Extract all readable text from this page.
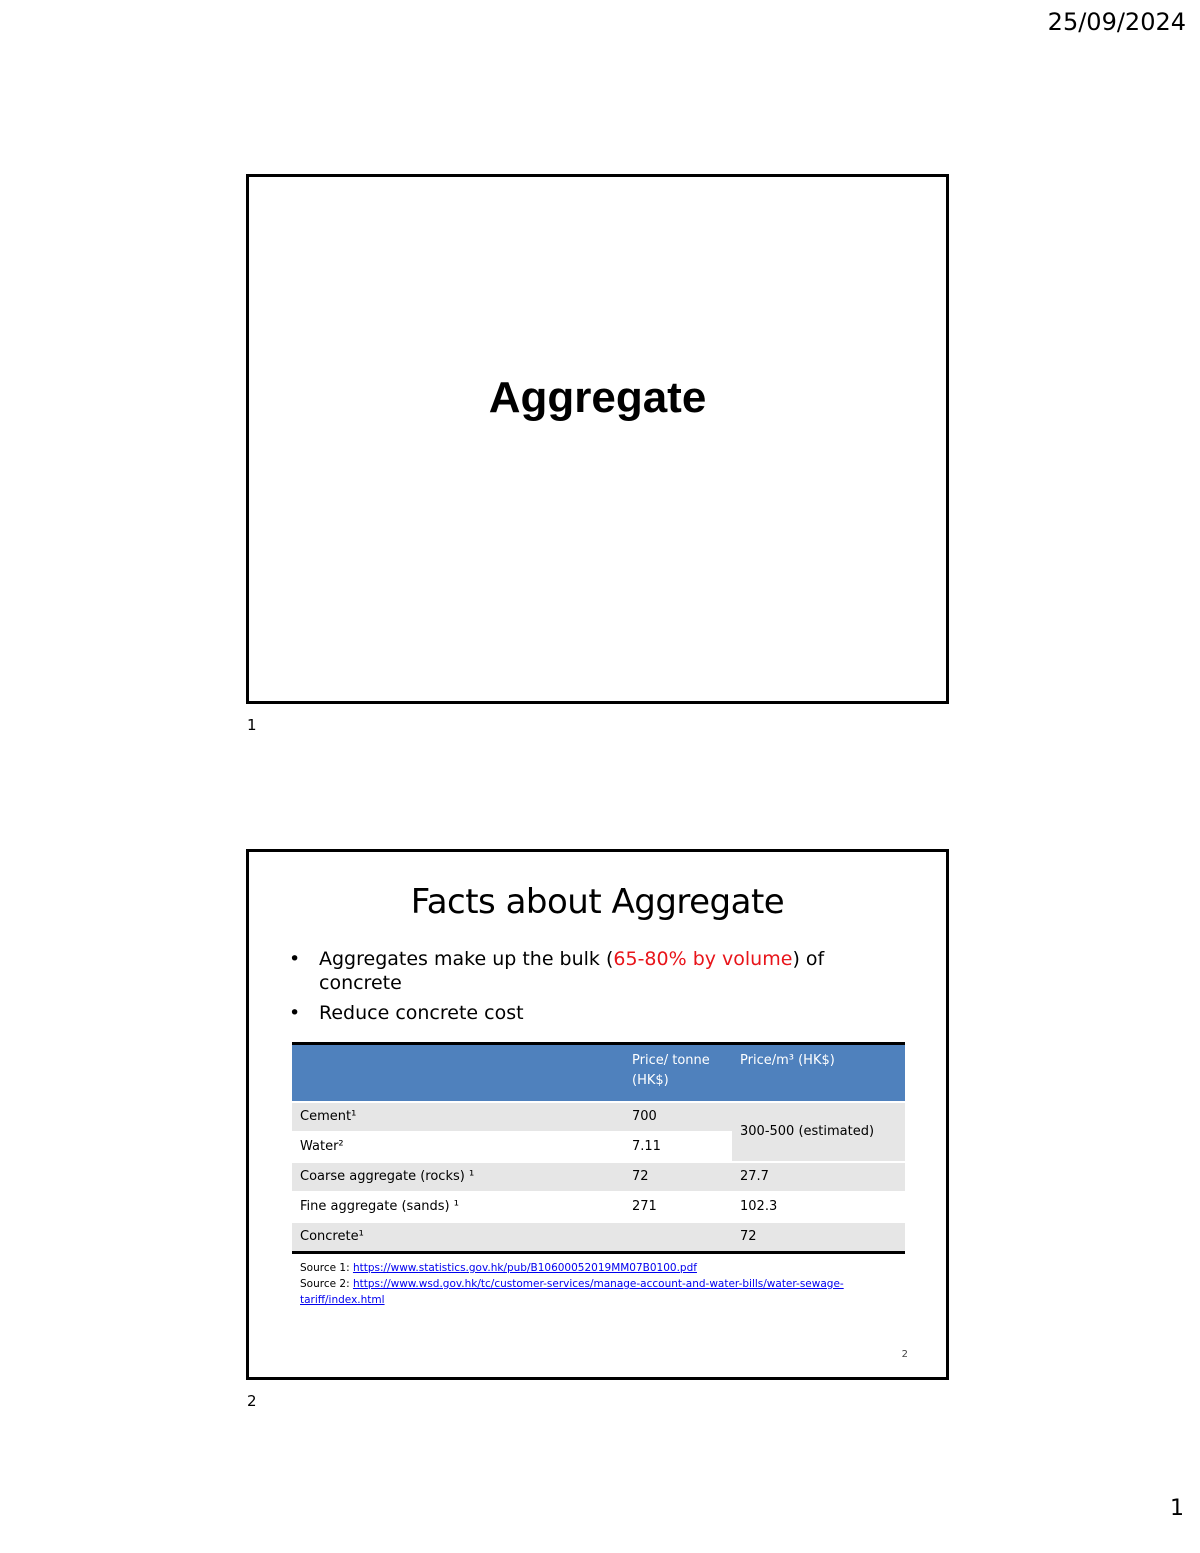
25/09/2024
Aggregate
1
Facts about Aggregate
• Aggregates make up the bulk (65-80% by volume) of concrete
• Reduce concrete cost
	Price/ tonne (HK$)	Price/m³ (HK$)
Cement¹	700	300-500 (estimated)
Water²	7.11	
Coarse aggregate (rocks) ¹	72	27.7
Fine aggregate (sands) ¹	271	102.3
Concrete¹		72
Source 1: https://www.statistics.gov.hk/pub/B10600052019MM07B0100.pdf
Source 2: https://www.wsd.gov.hk/tc/customer-services/manage-account-and-water-bills/water-sewage-tariff/index.html
2
2
1
